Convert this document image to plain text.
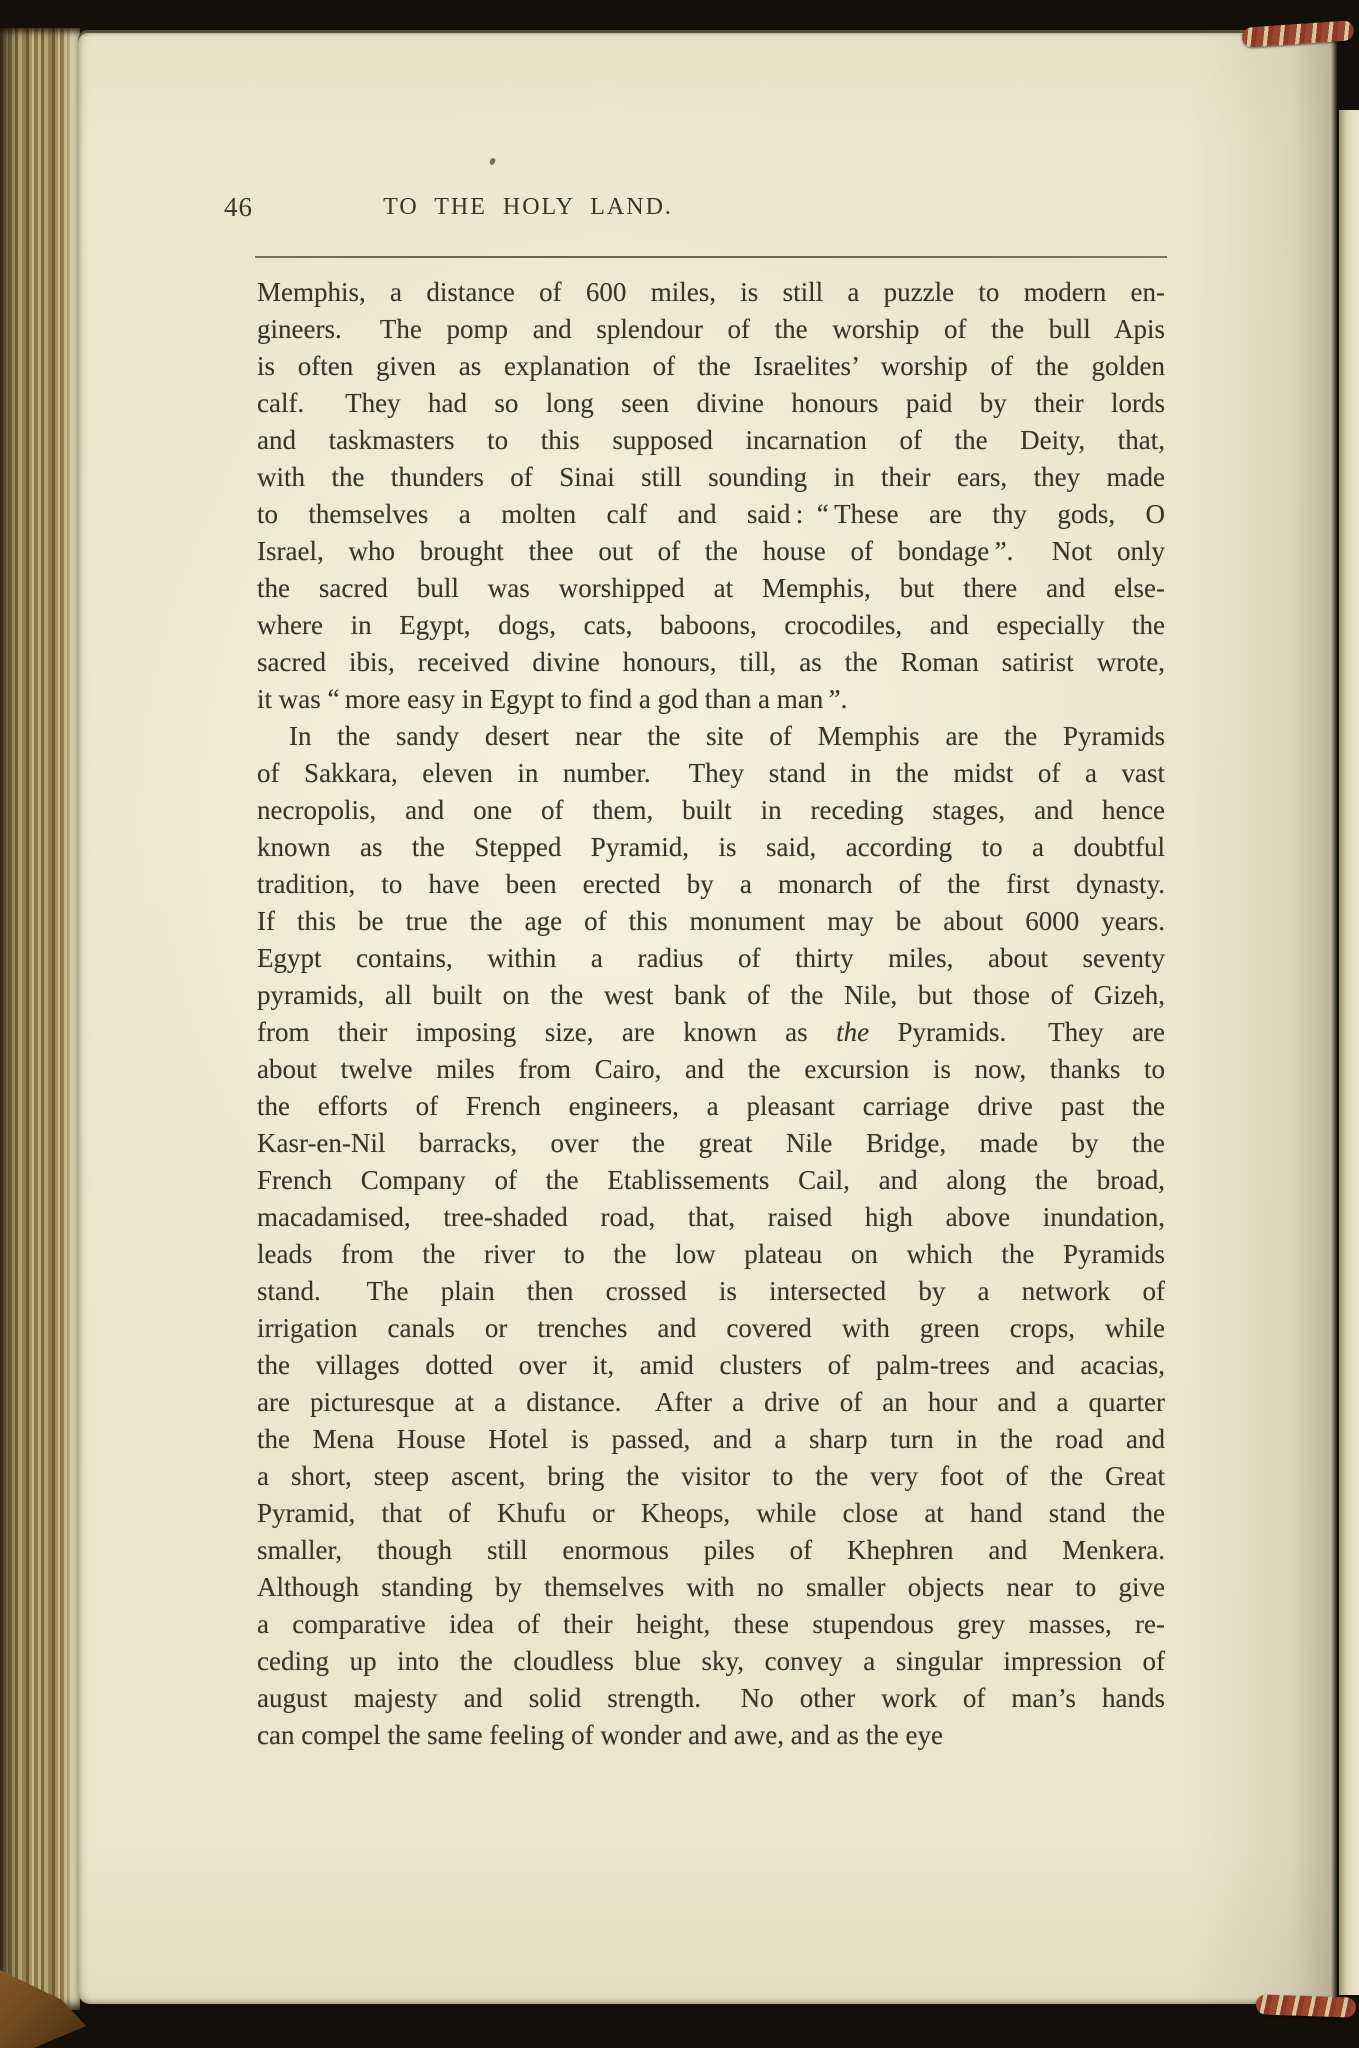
46	TO THE HOLY LAND.
Memphis, a distance of 600 miles, is still a puzzle to modern en-
gineers.  The pomp and splendour of the worship of the bull Apis
is often given as explanation of the Israelites’ worship of the golden
calf.  They had so long seen divine honours paid by their lords
and taskmasters to this supposed incarnation of the Deity, that,
with the thunders of Sinai still sounding in their ears, they made
to themselves a molten calf and said : “ These are thy gods, O
Israel, who brought thee out of the house of bondage ”.  Not only
the sacred bull was worshipped at Memphis, but there and else-
where in Egypt, dogs, cats, baboons, crocodiles, and especially the
sacred ibis, received divine honours, till, as the Roman satirist wrote,
it was “ more easy in Egypt to find a god than a man ”.
In the sandy desert near the site of Memphis are the Pyramids
of Sakkara, eleven in number.  They stand in the midst of a vast
necropolis, and one of them, built in receding stages, and hence
known as the Stepped Pyramid, is said, according to a doubtful
tradition, to have been erected by a monarch of the first dynasty.
If this be true the age of this monument may be about 6000 years.
Egypt contains, within a radius of thirty miles, about seventy
pyramids, all built on the west bank of the Nile, but those of Gizeh,
from their imposing size, are known as the Pyramids.  They are
about twelve miles from Cairo, and the excursion is now, thanks to
the efforts of French engineers, a pleasant carriage drive past the
Kasr-en-Nil barracks, over the great Nile Bridge, made by the
French Company of the Etablissements Cail, and along the broad,
macadamised, tree-shaded road, that, raised high above inundation,
leads from the river to the low plateau on which the Pyramids
stand.  The plain then crossed is intersected by a network of
irrigation canals or trenches and covered with green crops, while
the villages dotted over it, amid clusters of palm-trees and acacias,
are picturesque at a distance.  After a drive of an hour and a quarter
the Mena House Hotel is passed, and a sharp turn in the road and
a short, steep ascent, bring the visitor to the very foot of the Great
Pyramid, that of Khufu or Kheops, while close at hand stand the
smaller, though still enormous piles of Khephren and Menkera.
Although standing by themselves with no smaller objects near to give
a comparative idea of their height, these stupendous grey masses, re-
ceding up into the cloudless blue sky, convey a singular impression of
august majesty and solid strength.  No other work of man’s hands
can compel the same feeling of wonder and awe, and as the eye
